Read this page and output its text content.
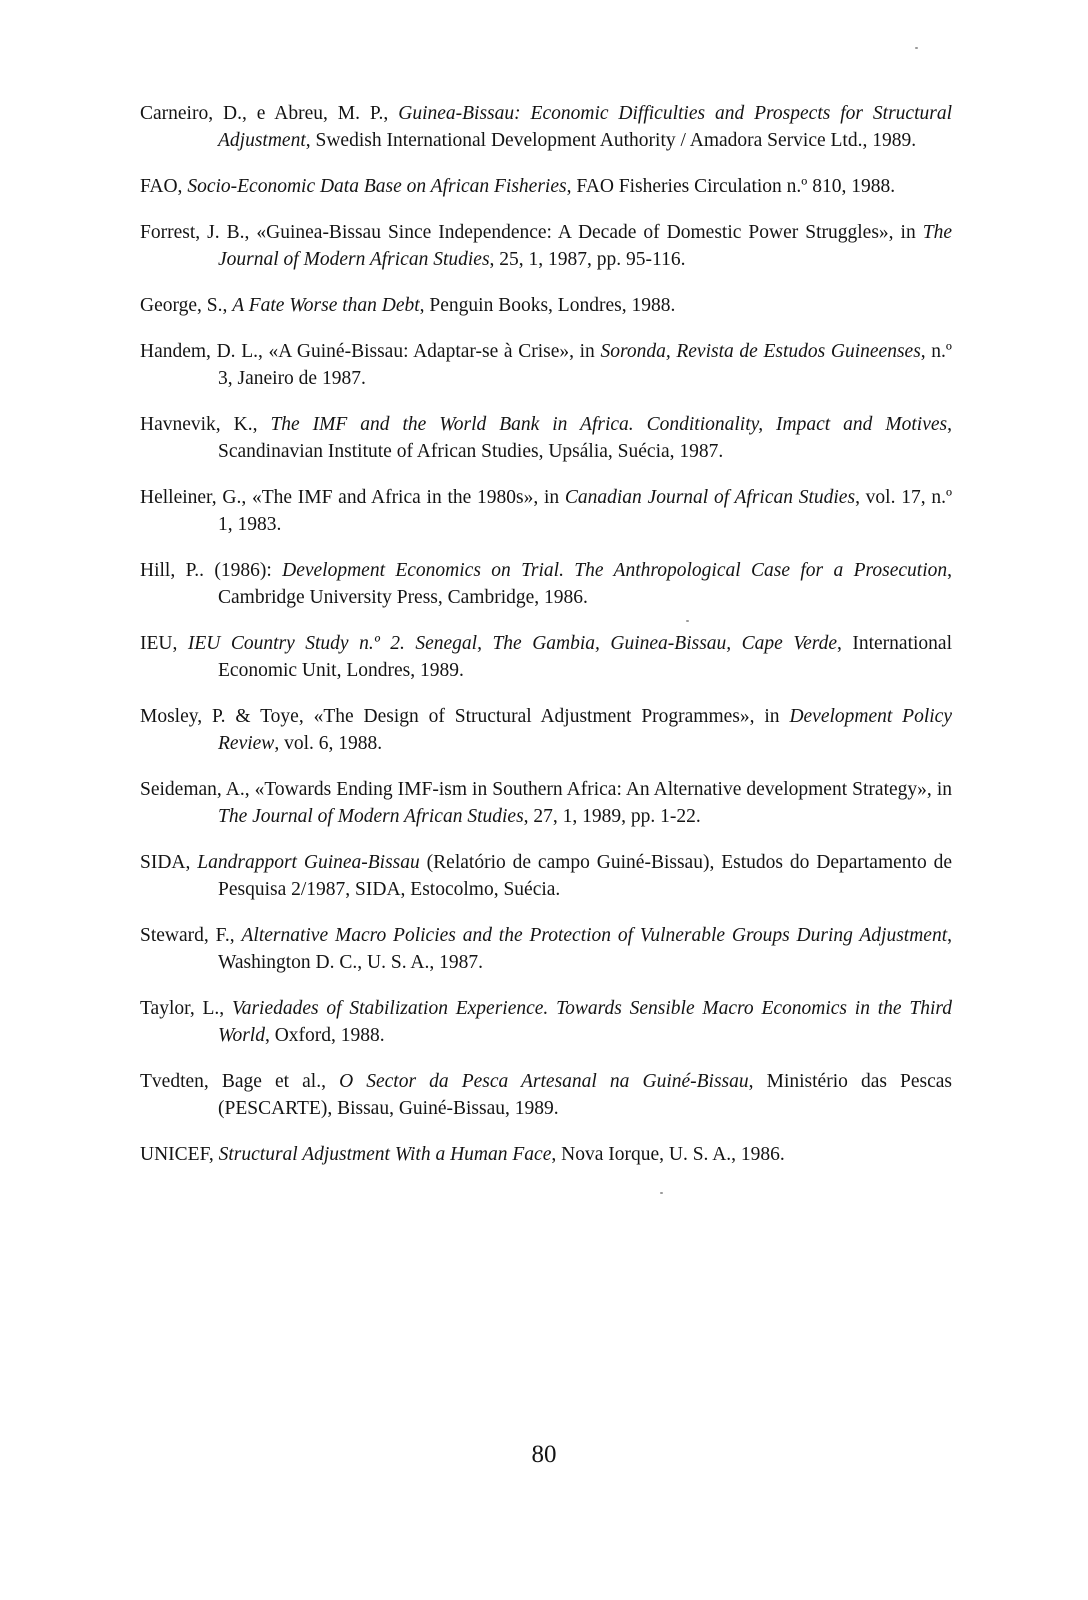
Carneiro, D., e Abreu, M. P., Guinea-Bissau: Economic Difficulties and Prospects for Structural Adjustment, Swedish International Development Authority / Amadora Service Ltd., 1989.
FAO, Socio-Economic Data Base on African Fisheries, FAO Fisheries Circulation n.º 810, 1988.
Forrest, J. B., «Guinea-Bissau Since Independence: A Decade of Domestic Power Struggles», in The Journal of Modern African Studies, 25, 1, 1987, pp. 95-116.
George, S., A Fate Worse than Debt, Penguin Books, Londres, 1988.
Handem, D. L., «A Guiné-Bissau: Adaptar-se à Crise», in Soronda, Revista de Estudos Guineenses, n.º 3, Janeiro de 1987.
Havnevik, K., The IMF and the World Bank in Africa. Conditionality, Impact and Motives, Scandinavian Institute of African Studies, Upsália, Suécia, 1987.
Helleiner, G., «The IMF and Africa in the 1980s», in Canadian Journal of African Studies, vol. 17, n.º 1, 1983.
Hill, P.. (1986): Development Economics on Trial. The Anthropological Case for a Prosecution, Cambridge University Press, Cambridge, 1986.
IEU, IEU Country Study n.º 2. Senegal, The Gambia, Guinea-Bissau, Cape Verde, International Economic Unit, Londres, 1989.
Mosley, P. & Toye, «The Design of Structural Adjustment Programmes», in Development Policy Review, vol. 6, 1988.
Seideman, A., «Towards Ending IMF-ism in Southern Africa: An Alternative development Strategy», in The Journal of Modern African Studies, 27, 1, 1989, pp. 1-22.
SIDA, Landrapport Guinea-Bissau (Relatório de campo Guiné-Bissau), Estudos do Departamento de Pesquisa 2/1987, SIDA, Estocolmo, Suécia.
Steward, F., Alternative Macro Policies and the Protection of Vulnerable Groups During Adjustment, Washington D. C., U. S. A., 1987.
Taylor, L., Variedades of Stabilization Experience. Towards Sensible Macro Economics in the Third World, Oxford, 1988.
Tvedten, Bage et al., O Sector da Pesca Artesanal na Guiné-Bissau, Ministério das Pescas (PESCARTE), Bissau, Guiné-Bissau, 1989.
UNICEF, Structural Adjustment With a Human Face, Nova Iorque, U. S. A., 1986.
80
